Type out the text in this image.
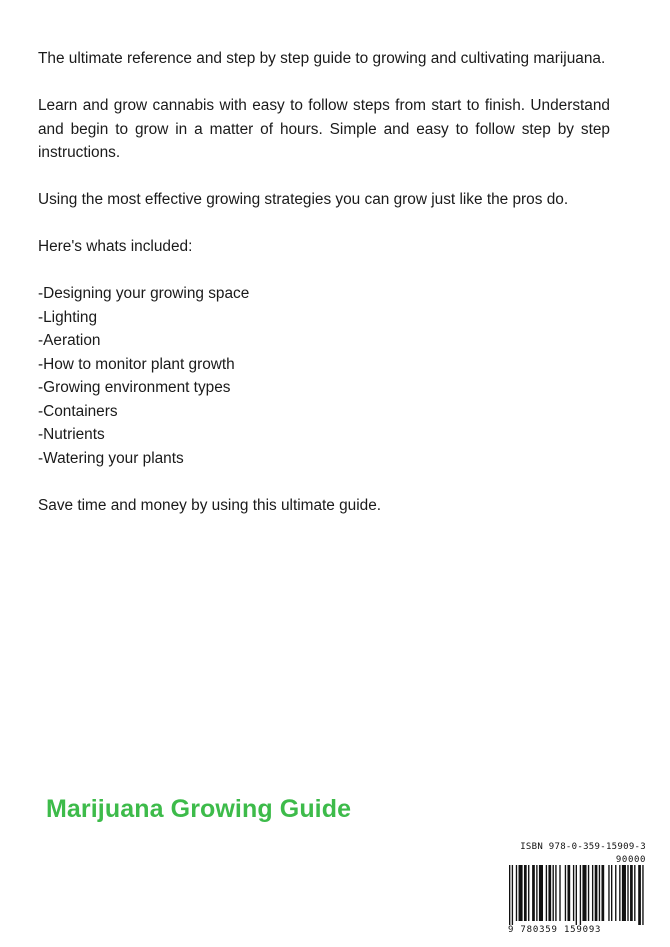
The ultimate reference and step by step guide to growing and cultivating marijuana.

Learn and grow cannabis with easy to follow steps from start to finish. Understand and begin to grow in a matter of hours. Simple and easy to follow step by step instructions.

Using the most effective growing strategies you can grow just like the pros do.

Here's whats included:

-Designing your growing space
-Lighting
-Aeration
-How to monitor plant growth
-Growing environment types
-Containers
-Nutrients
-Watering your plants

Save time and money by using this ultimate guide.

Marijuana Growing Guide
ISBN 978-0-359-15909-3
90000
9 780359 159093
